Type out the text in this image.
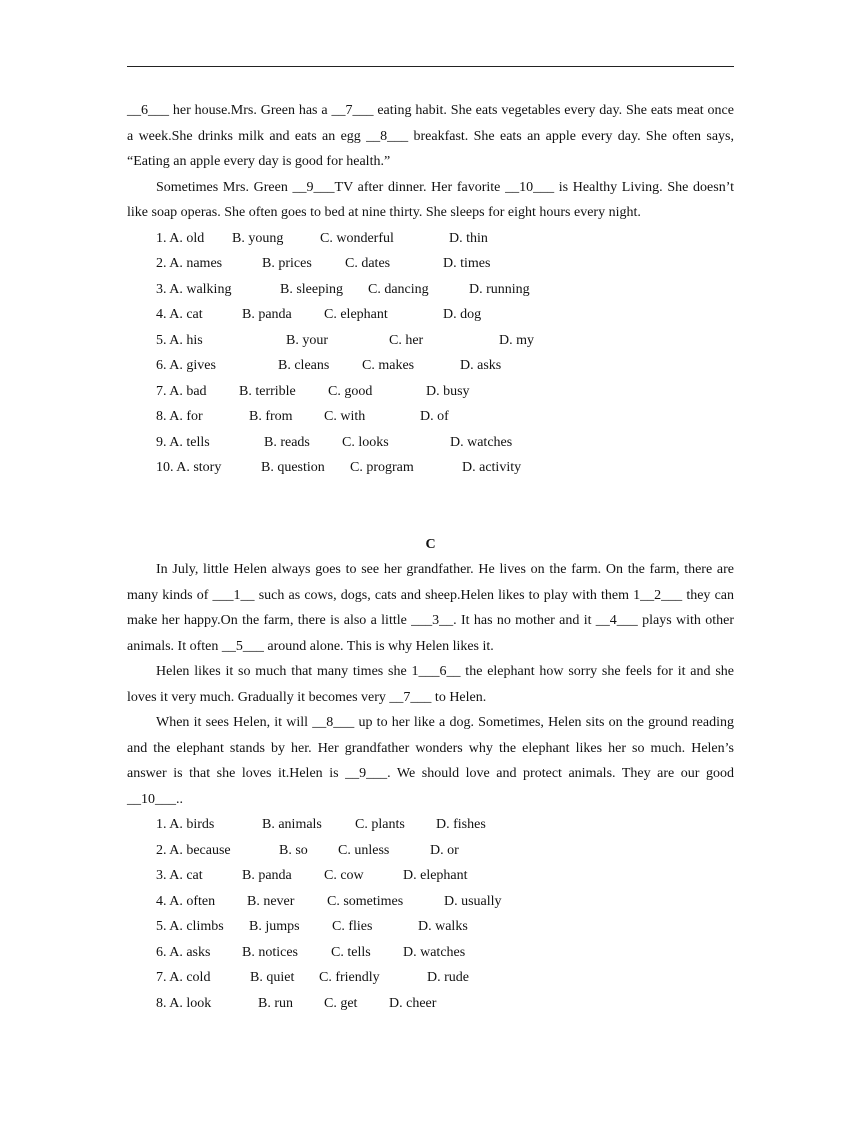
__6___ her house.Mrs. Green has a __7___ eating habit. She eats vegetables every day. She eats meat once a week.She drinks milk and eats an egg __8___ breakfast. She eats an apple every day. She often says, “Eating an apple every day is good for health.”

Sometimes Mrs. Green __9___TV after dinner. Her favorite __10___ is Healthy Living. She doesn’t like soap operas. She often goes to bed at nine thirty. She sleeps for eight hours every night.

1. A. old

B. young

	C. wonderful

	D. thin

2. A. names

	B. prices

C. dates

	D. times

3. A. walking

	B. sleeping

C. dancing

	D. running

4. A. cat

	B. panda

C. elephant

	D. dog

5. A. his

	B. your

	C. her

	D. my

6. A. gives

	B. cleans

C. makes

	D. asks

7. A. bad

B. terrible

C. good

	D. busy

8. A. for

	B. from

C. with

	D. of

9. A. tells

	B. reads

C. looks

	D. watches

10. A. story

	B. question

C. program

	D. activity

C

In July, little Helen always goes to see her grandfather. He lives on the farm. On the farm, there are many kinds of ___1__ such as cows, dogs, cats and sheep.Helen likes to play with them 1__2___ they can make her happy.On the farm, there is also a little ___3__. It has no mother and it __4___ plays with other animals. It often __5___ around alone. This is why Helen likes it.

Helen likes it so much that many times she 1___6__ the elephant how sorry she feels for it and she loves it very much. Gradually it becomes very __7___ to Helen.

When it sees Helen, it will __8___ up to her like a dog. Sometimes, Helen sits on the ground reading and the elephant stands by her. Her grandfather wonders why the elephant likes her so much. Helen’s answer is that she loves it.Helen is __9___. We should love and protect animals. They are our good __10___..

1. A. birds

	B. animals

C. plants

D. fishes

2. A. because

	B. so

C. unless

	D. or

3. A. cat

	B. panda

C. cow

	D. elephant

4. A. often

B. never

C. sometimes

	D. usually

5. A. climbs

B. jumps

C. flies

	D. walks

6. A. asks

B. notices

C. tells

D. watches

7. A. cold

	B. quiet

C. friendly

	D. rude

8. A. look

	B. run

C. get

D. cheer
